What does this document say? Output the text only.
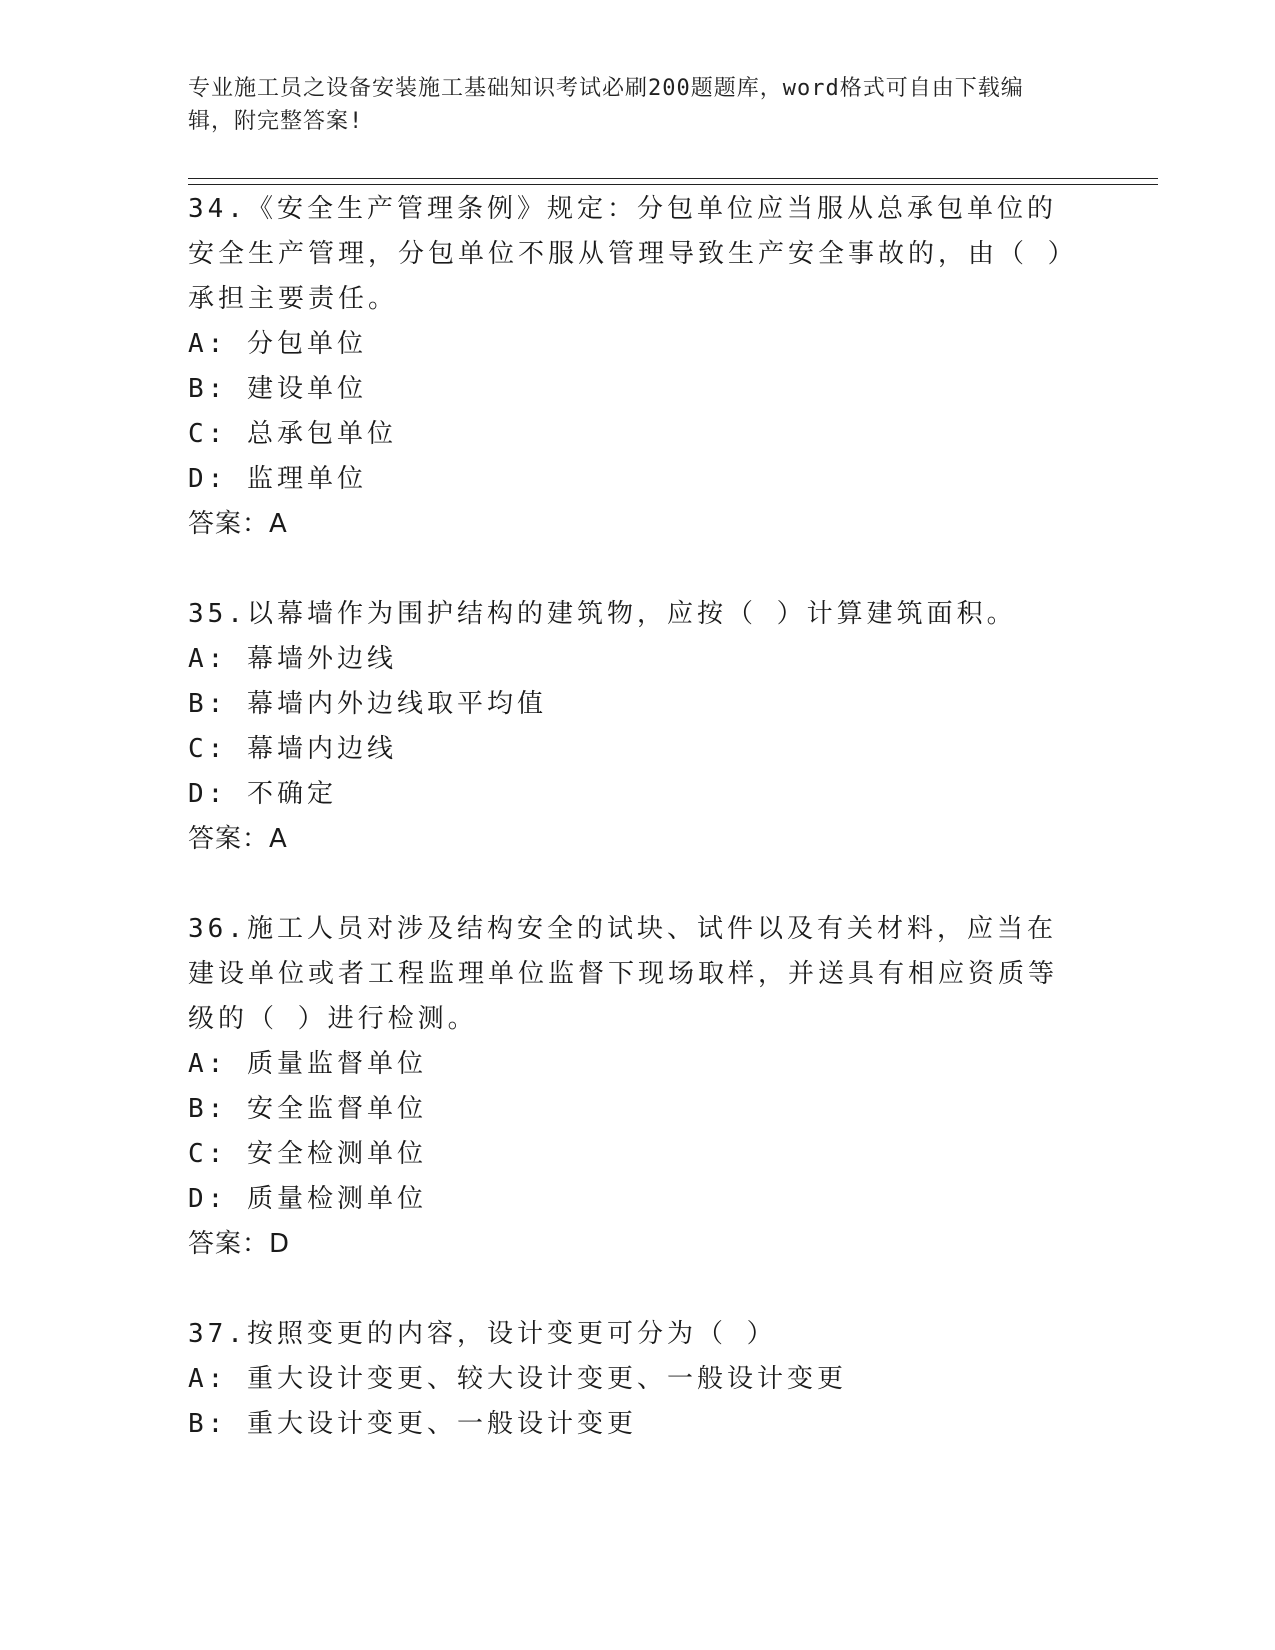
专业施工员之设备安装施工基础知识考试必刷200题题库，word格式可自由下载编辑，附完整答案!

34.《安全生产管理条例》规定：分包单位应当服从总承包单位的安全生产管理，分包单位不服从管理导致生产安全事故的，由（ ）承担主要责任。

A: 分包单位

B: 建设单位

C: 总承包单位

D: 监理单位

答案：A

35.以幕墙作为围护结构的建筑物，应按（ ）计算建筑面积。

A: 幕墙外边线

B: 幕墙内外边线取平均值

C: 幕墙内边线

D: 不确定

答案：A

36.施工人员对涉及结构安全的试块、试件以及有关材料，应当在建设单位或者工程监理单位监督下现场取样，并送具有相应资质等级的（ ）进行检测。

A: 质量监督单位

B: 安全监督单位

C: 安全检测单位

D: 质量检测单位

答案：D

37.按照变更的内容，设计变更可分为（ ）

A: 重大设计变更、较大设计变更、一般设计变更

B: 重大设计变更、一般设计变更
